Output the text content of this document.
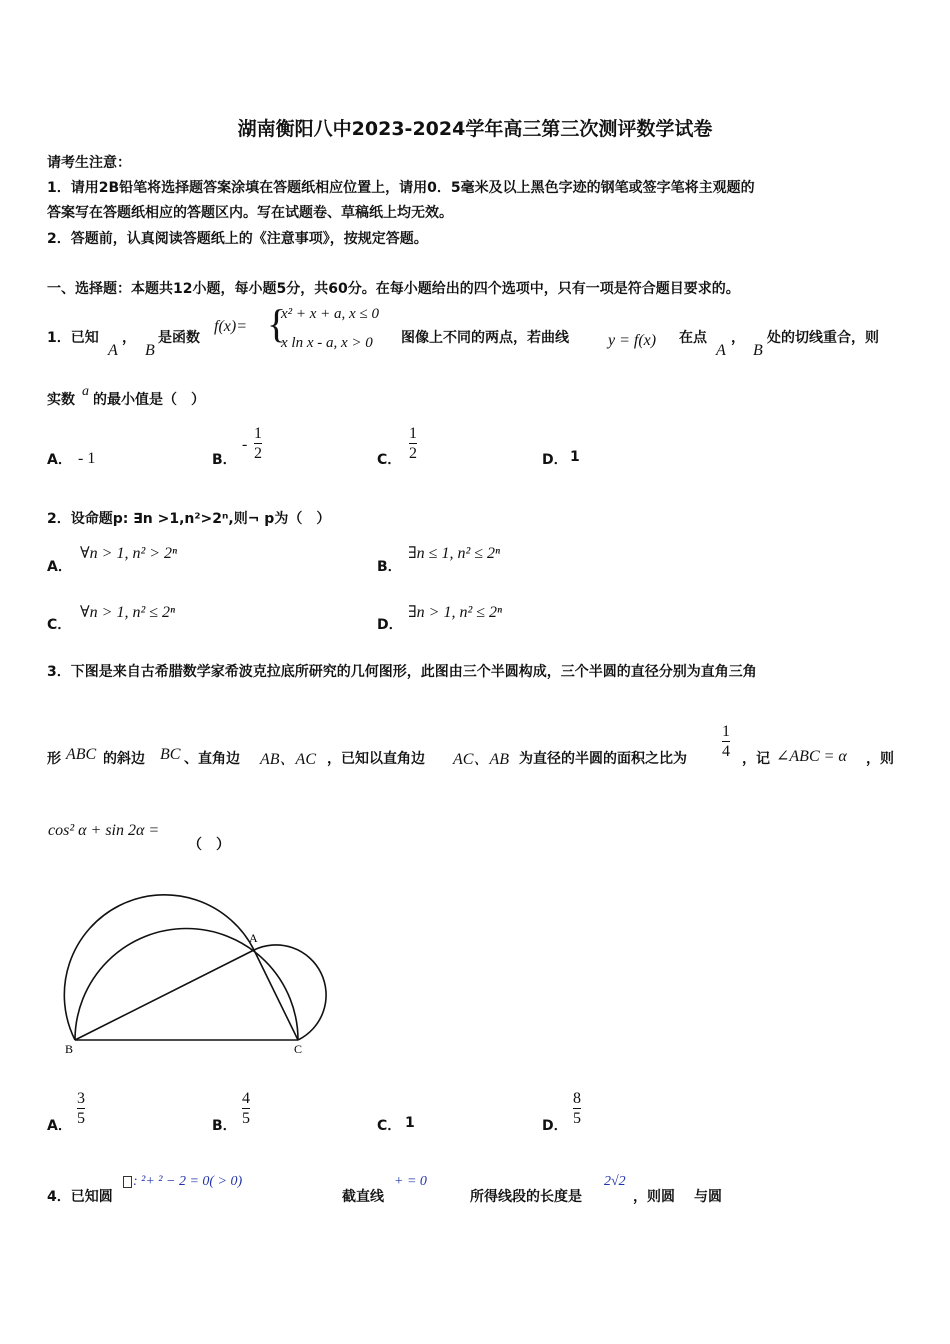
湖南衡阳八中2023-2024学年高三第三次测评数学试卷
请考生注意：
1．请用2B铅笔将选择题答案涂填在答题纸相应位置上，请用0．5毫米及以上黑色字迹的钢笔或签字笔将主观题的
答案写在答题纸相应的答题区内。写在试题卷、草稿纸上均无效。
2．答题前，认真阅读答题纸上的《注意事项》，按规定答题。
一、选择题：本题共12小题，每小题5分，共60分。在每小题给出的四个选项中，只有一项是符合题目要求的。
1．已知
A
，
B
是函数
f(x)= {
x² + x + a, x ≤ 0
x ln x - a, x > 0 图像上不同的两点，若曲线 y = f(x) 在点
A
，
B
处的切线重合，则
实数
a
的最小值是（　）
A． - 1	B．
-
1
2	C．
1
2	D． 1
2．设命题p: ∃n >1,n²>2ⁿ,则¬ p为（　）
A．
∀n > 1, n² > 2ⁿ
B．
∃n ≤ 1, n² ≤ 2ⁿ
C．
∀n > 1, n² ≤ 2ⁿ
D．
∃n > 1, n² ≤ 2ⁿ
3．下图是来自古希腊数学家希波克拉底所研究的几何图形，此图由三个半圆构成，三个半圆的直径分别为直角三角
形 ABC 的斜边 BC 、直角边 AB、AC ，已知以直角边 AC、AB 为直径的半圆的面积之比为
1
4 ，记 ∠ABC = α ，则
cos² α + sin 2α =
（　）
A
B	C
A．
3
5	B．
4
5	C． 1	D．
8
5
4．已知圆
: ²+ ² − 2 = 0( > 0)
截直线
+ = 0
所得线段的长度是
2√2
，则圆 与圆
